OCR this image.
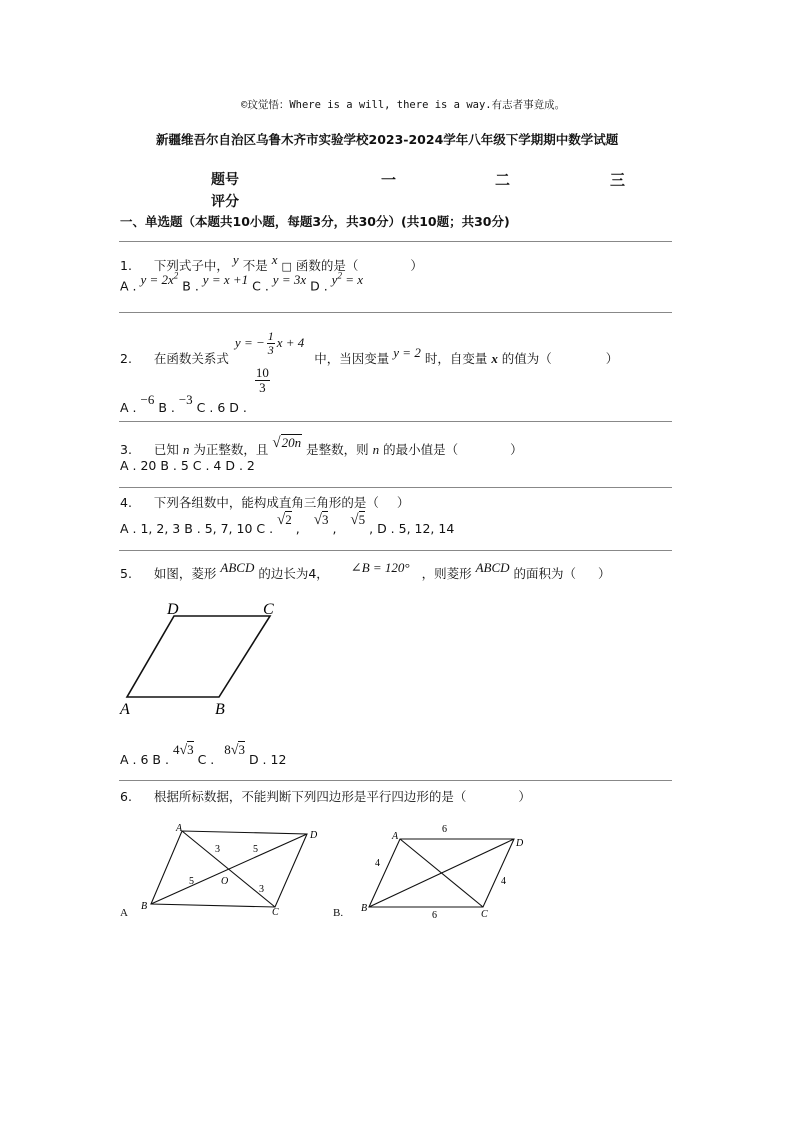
©玟觉悟：Where is a will, there is a way.有志者事竟成。
新疆维吾尔自治区乌鲁木齐市实验学校2023-2024学年八年级下学期期中数学试题
题号	一	二	三
评分
一、单选题（本题共10小题，每题3分，共30分）(共10题；共30分)
1. 下列式子中， y 不是 x □ 函数的是（	）
A . $y = 2x^2$ B . y = x +1 C . y = 3x D . $y^2 = x$
2. 在函数关系式
y = − $\frac{1}{3}$ x + 4
中，当因变量 y = 2 时，自变量 x 的值为（	）
A . −6 B . −3 C . 6 D .
$\frac{10}{3}$
3. 已知 n 为正整数，且 √20n 是整数，则 n 的最小值是（	）
A . 20 B . 5 C . 4 D . 2
4. 下列各组数中，能构成直角三角形的是（ ）
A . 1, 2, 3 B . 5, 7, 10 C . √2 , √3 , √5 , D . 5, 12, 14
5. 如图，菱形 ABCD 的边长为4， ∠B = 120° ，则菱形 ABCD 的面积为（ ）
D	C
A	B
A . 6 B . 4√3 C . 8√3 D . 12
6. 根据所标数据，不能判断下列四边形是平行四边形的是（	）
A
D
B
C
O
3	5
5
3
A
A
D
B
C
6
6
4
4
B.
